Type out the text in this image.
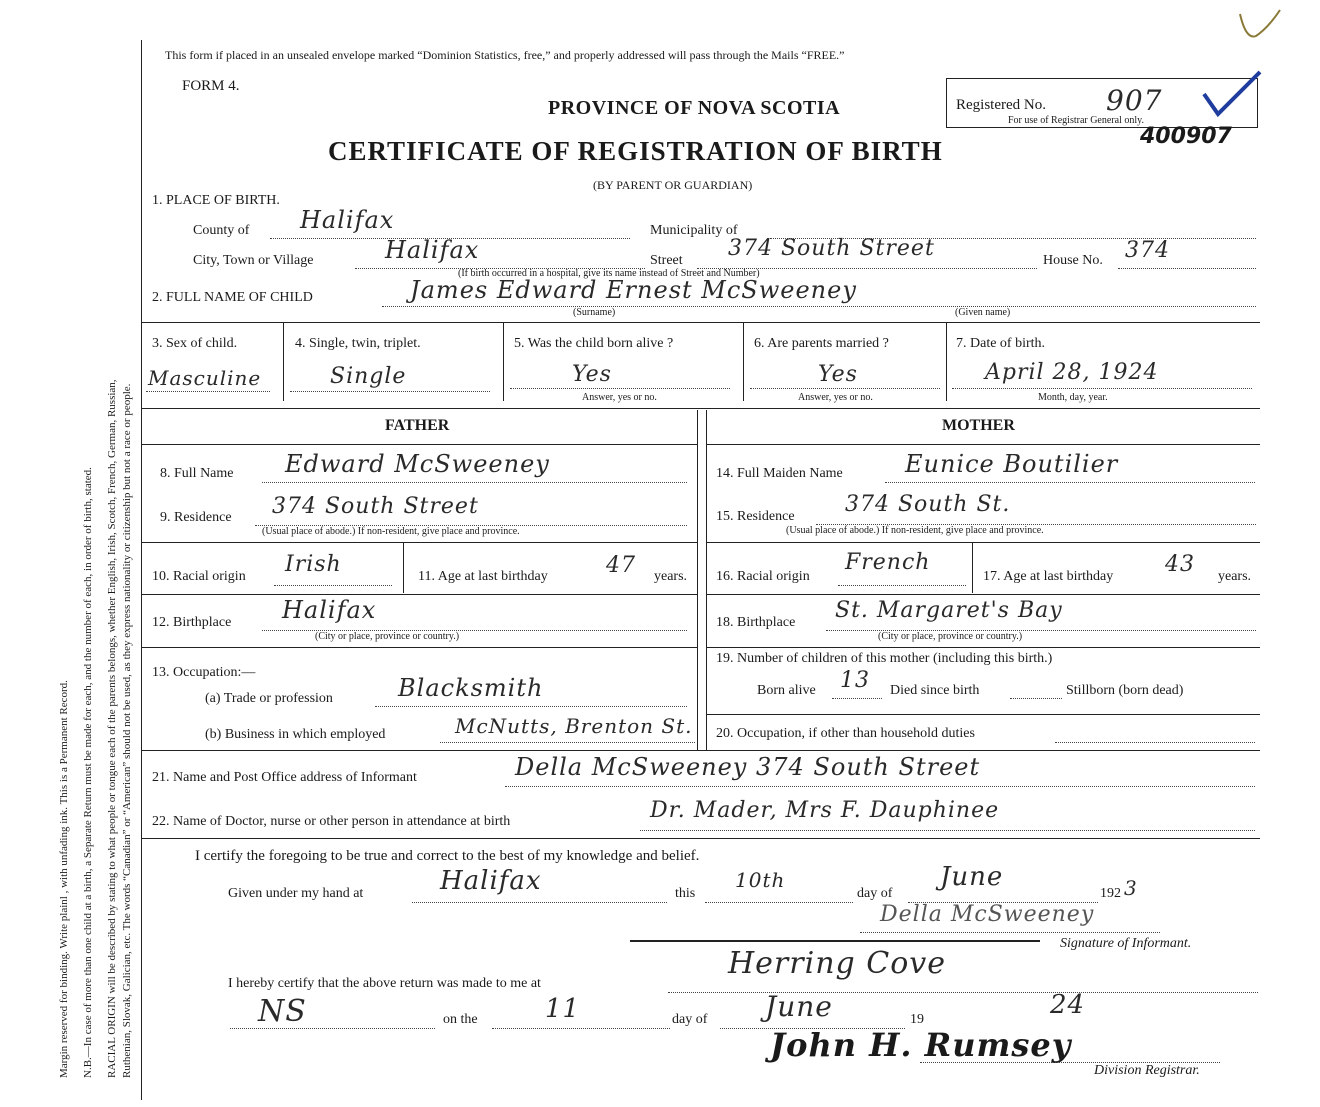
Margin reserved for binding. Write plainl , with unfading ink. This is a Permanent Record. N.B.—In case of more than one child at a birth, a Separate Return must be made for each, and the number of each, in order of birth, stated. RACIAL ORIGIN will be described by stating to what people or tongue each of the parents belongs, whether English, Irish, Scotch, French, German, Russian, Ruthenian, Slovak, Galician, etc. The words “Canadian” or “American” should not be used, as they express nationality or citizenship but not a race or people.
This form if placed in an unsealed envelope marked “Dominion Statistics, free,” and properly addressed will pass through the Mails “FREE.”
FORM 4.
PROVINCE OF NOVA SCOTIA
CERTIFICATE OF REGISTRATION OF BIRTH
(BY PARENT OR GUARDIAN)
Registered No. 907
For use of Registrar General only.
400907
1. PLACE OF BIRTH.
County of Halifax	Municipality of
City, Town or Village	Halifax	Street 374 South Street	House No. 374
(If birth occurred in a hospital, give its name instead of Street and Number)
2. FULL NAME OF CHILD	James Edward Ernest McSweeney
(Surname)	(Given name)
3. Sex of child.
Masculine
4. Single, twin, triplet.
Single
5. Was the child born alive ?
Yes
Answer, yes or no.
6. Are parents married ?
Yes
Answer, yes or no.
7. Date of birth.
April 28, 1924
Month, day, year.
FATHER	MOTHER
8. Full Name Edward McSweeney
9. Residence 374 South Street
(Usual place of abode.) If non-resident, give place and province.
10. Racial origin Irish	11. Age at last birthday	47 years.
12. Birthplace Halifax
(City or place, province or country.)
13. Occupation:—
(a) Trade or profession	Blacksmith
(b) Business in which employed	McNutts, Brenton St.
14. Full Maiden Name	Eunice Boutilier
15. Residence 374 South St.
(Usual place of abode.) If non-resident, give place and province.
16. Racial origin
French
17. Age at last birthday 43 years.
18. Birthplace St. Margaret's Bay
(City or place, province or country.)
19. Number of children of this mother (including this birth.)
Born alive 13 Died since birth	Stillborn (born dead)
20. Occupation, if other than household duties
21. Name and Post Office address of Informant	Della McSweeney 374 South Street
22. Name of Doctor, nurse or other person in attendance at birth	Dr. Mader, Mrs F. Dauphinee
I certify the foregoing to be true and correct to the best of my knowledge and belief.
Given under my hand at	Halifax	this
10th
day of
June
192 3
Della McSweeney
Signature of Informant.
I hereby certify that the above return was made to me at
Herring Cove
NS	on the	11	day of June	19	24
John H. Rumsey
Division Registrar.
